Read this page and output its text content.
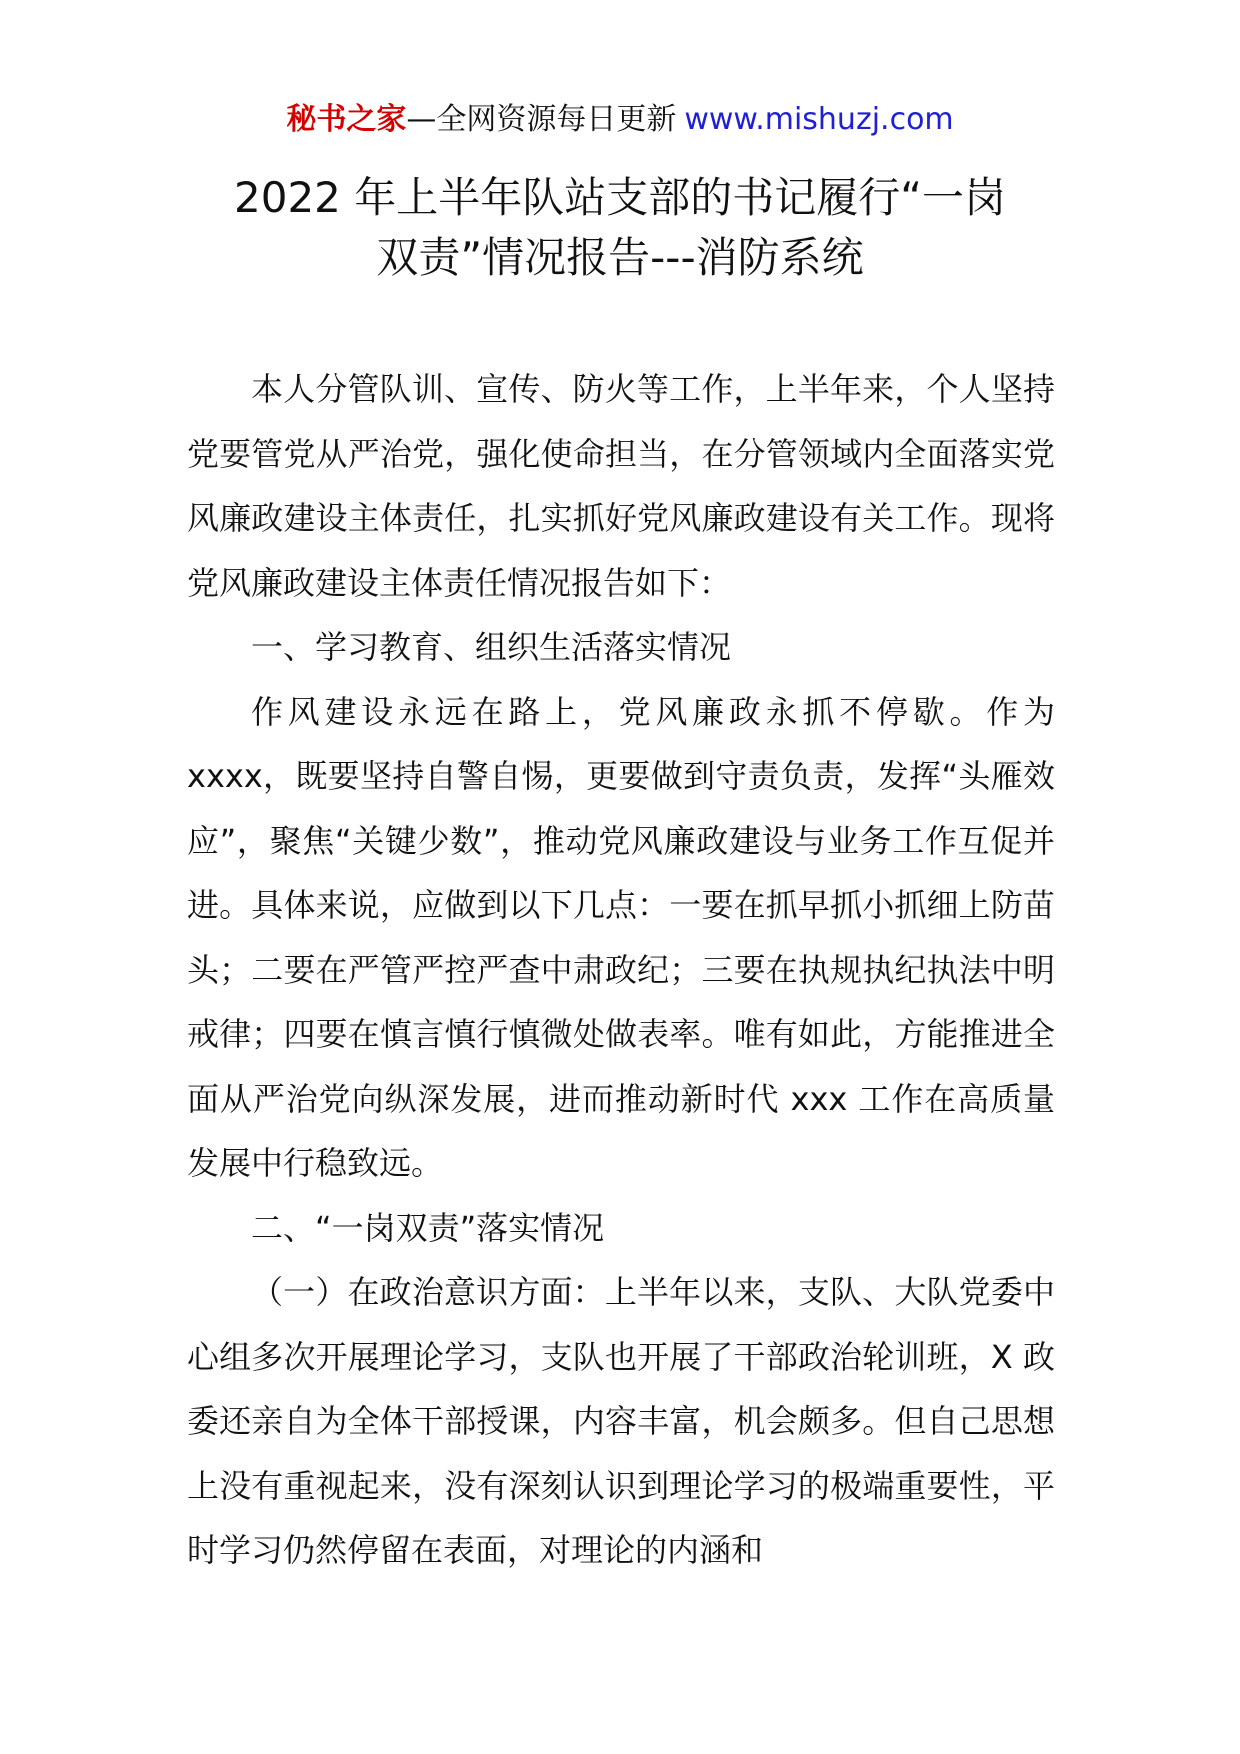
秘书之家—全网资源每日更新 www.mishuzj.com
2022 年上半年队站支部的书记履行“一岗
双责”情况报告---消防系统

本人分管队训、宣传、防火等工作，上半年来，个人坚持党要管党从严治党，强化使命担当，在分管领域内全面落实党风廉政建设主体责任，扎实抓好党风廉政建设有关工作。现将党风廉政建设主体责任情况报告如下：

一、学习教育、组织生活落实情况

作风建设永远在路上，党风廉政永抓不停歇。作为xxxx，既要坚持自警自惕，更要做到守责负责，发挥“头雁效应”，聚焦“关键少数”，推动党风廉政建设与业务工作互促并进。具体来说，应做到以下几点：一要在抓早抓小抓细上防苗头；二要在严管严控严查中肃政纪；三要在执规执纪执法中明戒律；四要在慎言慎行慎微处做表率。唯有如此，方能推进全面从严治党向纵深发展，进而推动新时代 xxx 工作在高质量发展中行稳致远。

二、“一岗双责”落实情况

（一）在政治意识方面：上半年以来，支队、大队党委中心组多次开展理论学习，支队也开展了干部政治轮训班，X 政委还亲自为全体干部授课，内容丰富，机会颇多。但自己思想上没有重视起来，没有深刻认识到理论学习的极端重要性，平时学习仍然停留在表面，对理论的内涵和
